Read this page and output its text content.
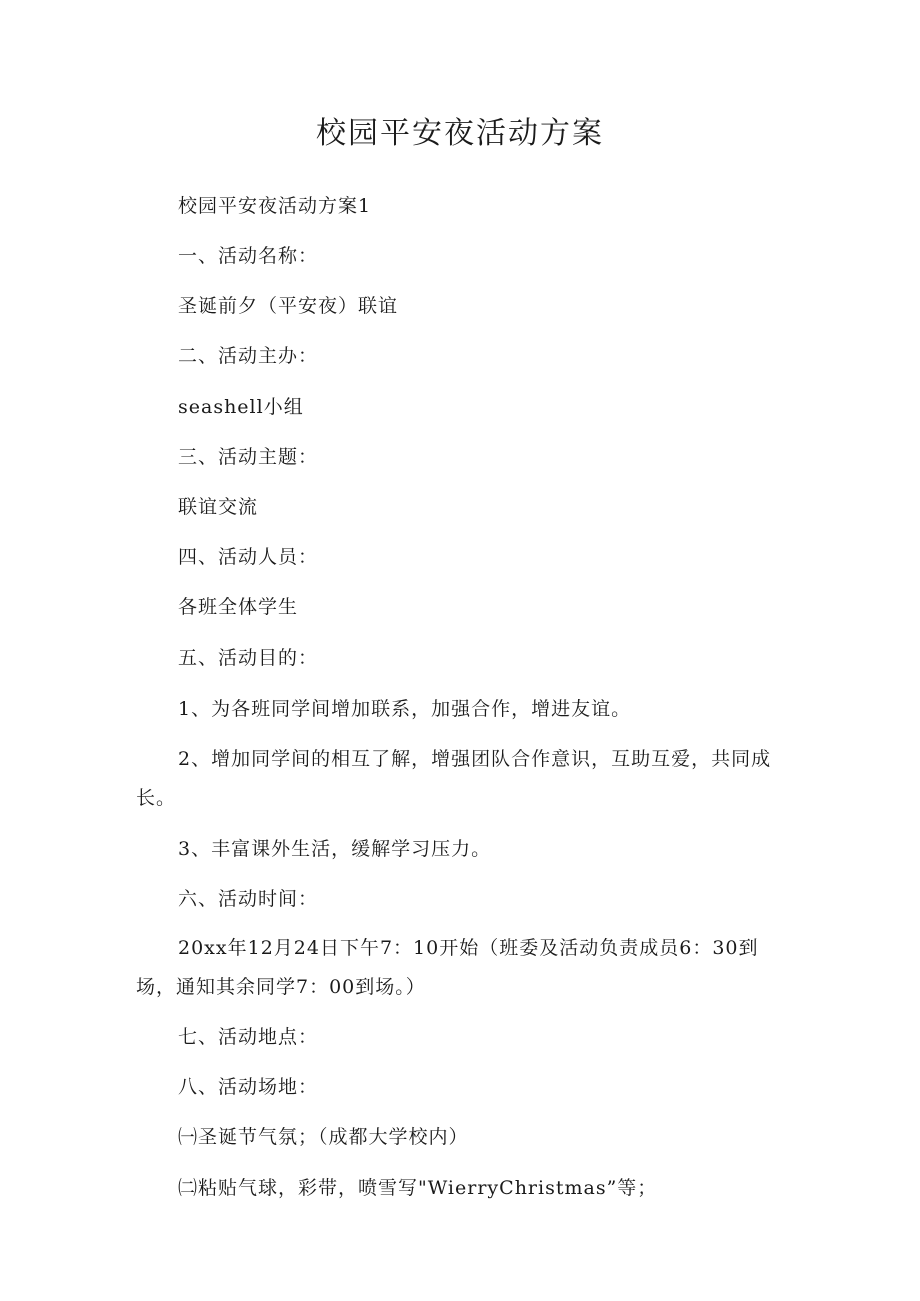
校园平安夜活动方案
校园平安夜活动方案1
一、活动名称：
圣诞前夕（平安夜）联谊
二、活动主办：
seashell小组
三、活动主题：
联谊交流
四、活动人员：
各班全体学生
五、活动目的：
1、为各班同学间增加联系，加强合作，增进友谊。
2、增加同学间的相互了解，增强团队合作意识，互助互爱，共同成
长。
3、丰富课外生活，缓解学习压力。
六、活动时间：
20xx年12月24日下午7：10开始（班委及活动负责成员6：30到
场，通知其余同学7：00到场。）
七、活动地点：
八、活动场地：
㈠圣诞节气氛；（成都大学校内）
㈡粘贴气球，彩带，喷雪写"WierryChristmas”等；
